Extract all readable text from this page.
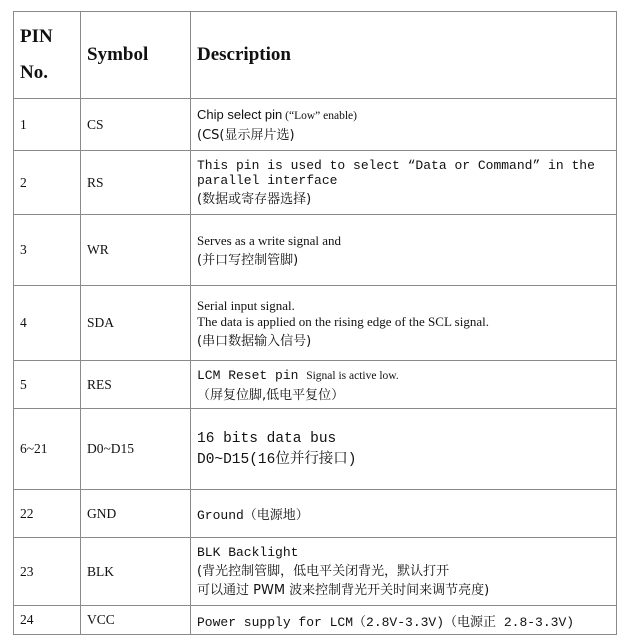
PIN
No.	Symbol	Description
1	CS	Chip select pin (“Low” enable)
(CS(显示屏片选)

2	RS	This pin is used to select “Data or Command” in the
parallel interface
(数据或寄存器选择)

3	WR	Serves as a write signal and
(并口写控制管脚)

4	SDA	Serial input signal.
The data is applied on the rising edge of the SCL signal.
(串口数据输入信号)

5	RES	LCM Reset pin Signal is active low.
（屏复位脚,低电平复位）

6~21	D0~D15	16 bits data bus
D0~D15(16位并行接口)

22	GND	Ground（电源地）

23	BLK	BLK Backlight
(背光控制管脚，低电平关闭背光，默认打开
可以通过 PWM 波来控制背光开关时间来调节亮度)

24	VCC	Power supply for LCM（2.8V-3.3V)（电源正 2.8-3.3V)
